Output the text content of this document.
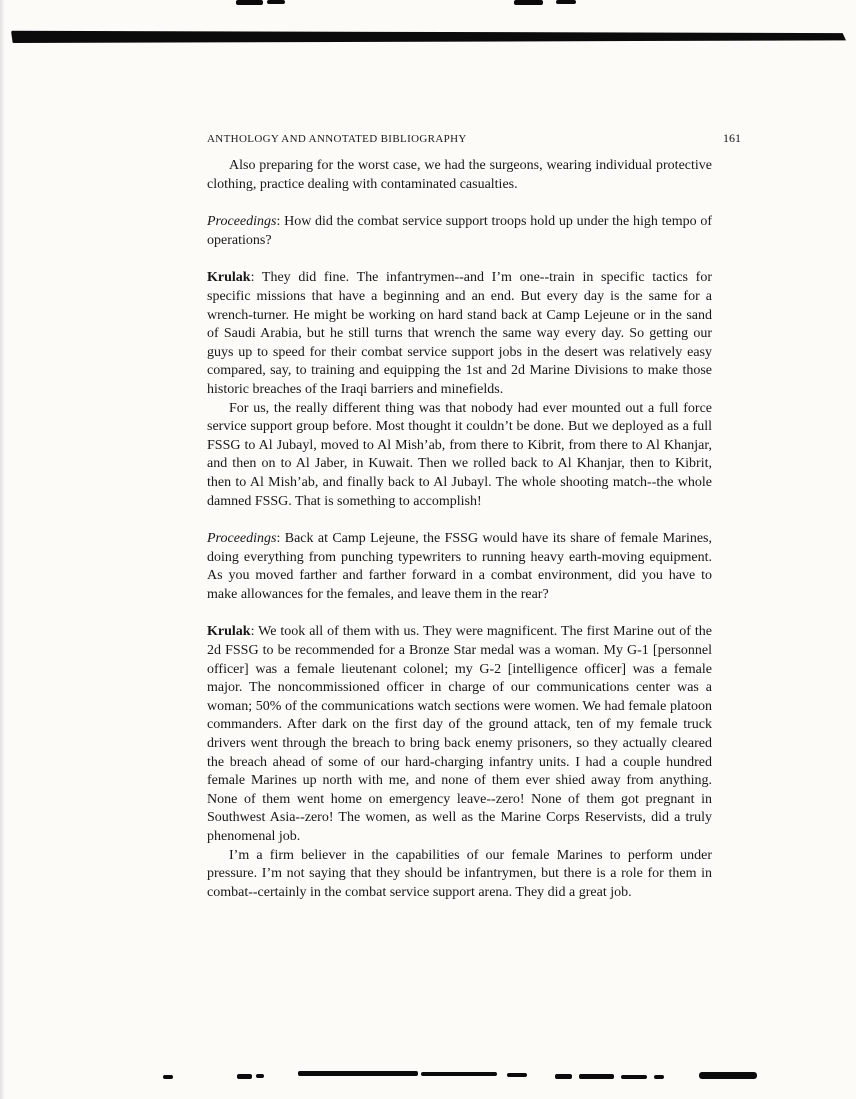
ANTHOLOGY AND ANNOTATED BIBLIOGRAPHY	161

Also preparing for the worst case, we had the surgeons, wearing individual protective clothing, practice dealing with contaminated casualties.

Proceedings: How did the combat service support troops hold up under the high tempo of operations?

Krulak: They did fine. The infantrymen--and I’m one--train in specific tactics for specific missions that have a beginning and an end. But every day is the same for a wrench-turner. He might be working on hard stand back at Camp Lejeune or in the sand of Saudi Arabia, but he still turns that wrench the same way every day. So getting our guys up to speed for their combat service support jobs in the desert was relatively easy compared, say, to training and equipping the 1st and 2d Marine Divisions to make those historic breaches of the Iraqi barriers and minefields.

For us, the really different thing was that nobody had ever mounted out a full force service support group before. Most thought it couldn’t be done. But we deployed as a full FSSG to Al Jubayl, moved to Al Mish’ab, from there to Kibrit, from there to Al Khanjar, and then on to Al Jaber, in Kuwait. Then we rolled back to Al Khanjar, then to Kibrit, then to Al Mish’ab, and finally back to Al Jubayl. The whole shooting match--the whole damned FSSG. That is something to accomplish!

Proceedings: Back at Camp Lejeune, the FSSG would have its share of female Marines, doing everything from punching typewriters to running heavy earth-moving equipment. As you moved farther and farther forward in a combat environment, did you have to make allowances for the females, and leave them in the rear?

Krulak: We took all of them with us. They were magnificent. The first Marine out of the 2d FSSG to be recommended for a Bronze Star medal was a woman. My G-1 [personnel officer] was a female lieutenant colonel; my G-2 [intelligence officer] was a female major. The noncommissioned officer in charge of our communications center was a woman; 50% of the communications watch sections were women. We had female platoon commanders. After dark on the first day of the ground attack, ten of my female truck drivers went through the breach to bring back enemy prisoners, so they actually cleared the breach ahead of some of our hard-charging infantry units. I had a couple hundred female Marines up north with me, and none of them ever shied away from anything. None of them went home on emergency leave--zero! None of them got pregnant in Southwest Asia--zero! The women, as well as the Marine Corps Reservists, did a truly phenomenal job.

I’m a firm believer in the capabilities of our female Marines to perform under pressure. I’m not saying that they should be infantrymen, but there is a role for them in combat--certainly in the combat service support arena. They did a great job.
